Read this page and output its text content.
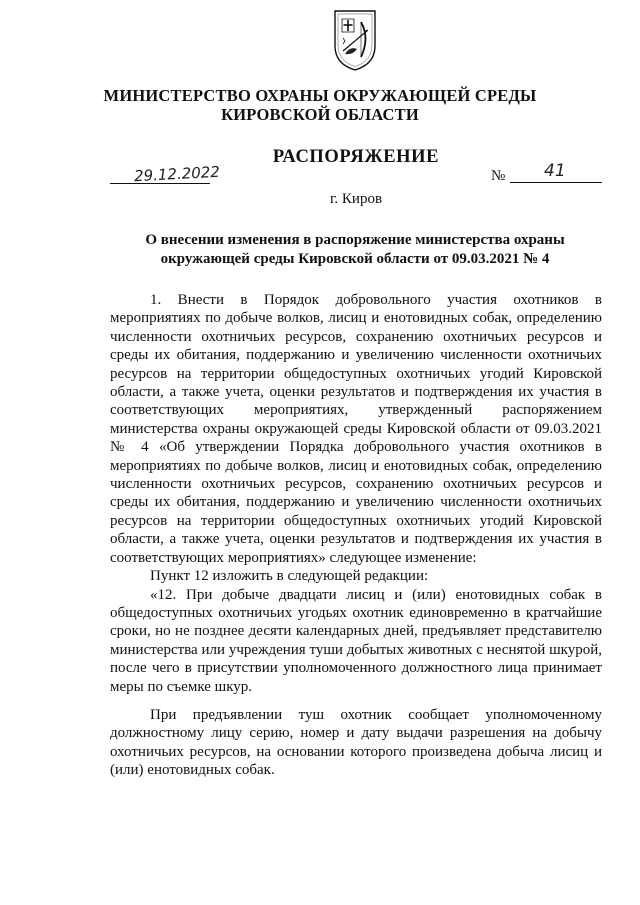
МИНИСТЕРСТВО ОХРАНЫ ОКРУЖАЮЩЕЙ СРЕДЫ
КИРОВСКОЙ ОБЛАСТИ
РАСПОРЯЖЕНИЕ
29.12.2022	№ 41
г. Киров
О внесении изменения в распоряжение министерства охраны окружающей среды Кировской области от 09.03.2021 № 4

1. Внести в Порядок добровольного участия охотников в мероприятиях по добыче волков, лисиц и енотовидных собак, определению численности охотничьих ресурсов, сохранению охотничьих ресурсов и среды их обитания, поддержанию и увеличению численности охотничьих ресурсов на территории общедоступных охотничьих угодий Кировской области, а также учета, оценки результатов и подтверждения их участия в соответствующих мероприятиях, утвержденный распоряжением министерства охраны окружающей среды Кировской области от 09.03.2021 № 4 «Об утверждении Порядка добровольного участия охотников в мероприятиях по добыче волков, лисиц и енотовидных собак, определению численности охотничьих ресурсов, сохранению охотничьих ресурсов и среды их обитания, поддержанию и увеличению численности охотничьих ресурсов на территории общедоступных охотничьих угодий Кировской области, а также учета, оценки результатов и подтверждения их участия в соответствующих мероприятиях» следующее изменение:

Пункт 12 изложить в следующей редакции:

«12. При добыче двадцати лисиц и (или) енотовидных собак в общедоступных охотничьих угодьях охотник единовременно в кратчайшие сроки, но не позднее десяти календарных дней, предъявляет представителю министерства или учреждения туши добытых животных с неснятой шкурой, после чего в присутствии уполномоченного должностного лица принимает меры по съемке шкур.

При предъявлении туш охотник сообщает уполномоченному должностному лицу серию, номер и дату выдачи разрешения на добычу охотничьих ресурсов, на основании которого произведена добыча лисиц и (или) енотовидных собак.
